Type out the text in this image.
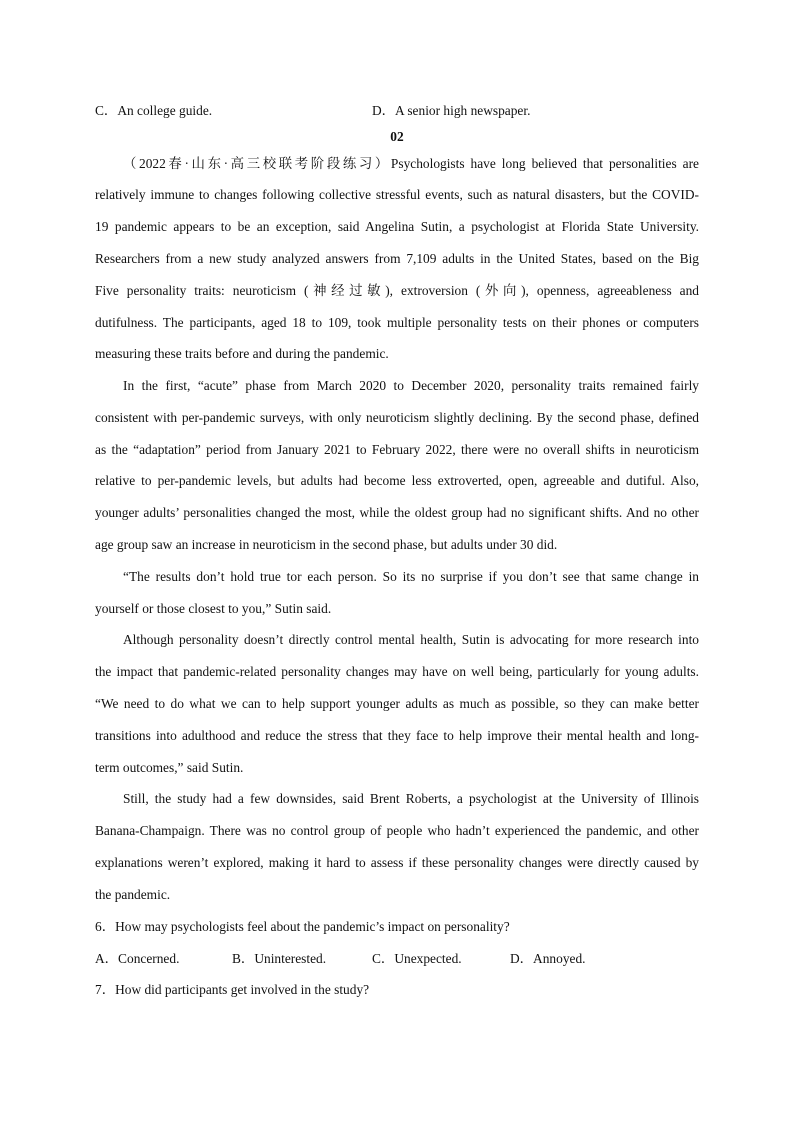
C．An college guide.	D．A senior high newspaper.
02
（2022春·山东·高三校联考阶段练习）Psychologists have long believed that personalities are
relatively immune to changes following collective stressful events, such as natural disasters, but the COVID-
19 pandemic appears to be an exception, said Angelina Sutin, a psychologist at Florida State University.
Researchers from a new study analyzed answers from 7,109 adults in the United States, based on the Big
Five personality traits: neuroticism (神经过敏), extroversion (外向), openness, agreeableness and
dutifulness. The participants, aged 18 to 109, took multiple personality tests on their phones or computers
measuring these traits before and during the pandemic.
In the first, “acute” phase from March 2020 to December 2020, personality traits remained fairly
consistent with per-pandemic surveys, with only neuroticism slightly declining. By the second phase, defined
as the “adaptation” period from January 2021 to February 2022, there were no overall shifts in neuroticism
relative to per-pandemic levels, but adults had become less extroverted, open, agreeable and dutiful. Also,
younger adults’ personalities changed the most, while the oldest group had no significant shifts. And no other
age group saw an increase in neuroticism in the second phase, but adults under 30 did.
“The results don’t hold true tor each person. So its no surprise if you don’t see that same change in
yourself or those closest to you,” Sutin said.
Although personality doesn’t directly control mental health, Sutin is advocating for more research into
the impact that pandemic-related personality changes may have on well being, particularly for young adults.
“We need to do what we can to help support younger adults as much as possible, so they can make better
transitions into adulthood and reduce the stress that they face to help improve their mental health and long-
term outcomes,” said Sutin.
Still, the study had a few downsides, said Brent Roberts, a psychologist at the University of Illinois
Banana-Champaign. There was no control group of people who hadn’t experienced the pandemic, and other
explanations weren’t explored, making it hard to assess if these personality changes were directly caused by
the pandemic.
6．How may psychologists feel about the pandemic’s impact on personality?
A．Concerned.	B．Uninterested.	C．Unexpected.	D．Annoyed.
7．How did participants get involved in the study?
